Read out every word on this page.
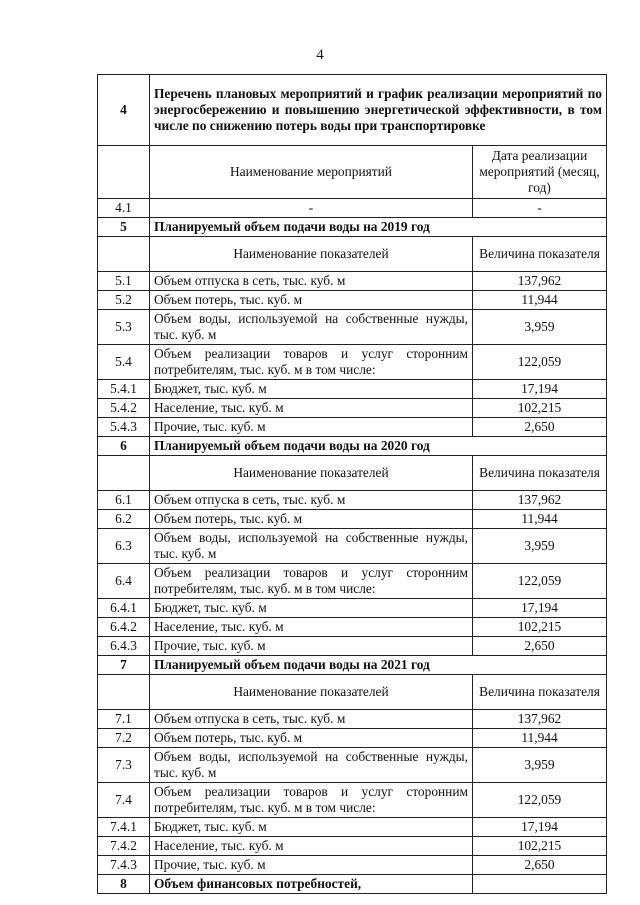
4
4	Перечень плановых мероприятий и график реализации мероприятий по энергосбережению и повышению энергетической эффективности, в том числе по снижению потерь воды при транспортировке	
	Наименование мероприятий	Дата реализации мероприятий (месяц, год)
4.1	-	-
5	Планируемый объем подачи воды на 2019 год	
	Наименование показателей	Величина показателя
5.1	Объем отпуска в сеть, тыс. куб. м	137,962
5.2	Объем потерь, тыс. куб. м	11,944
5.3	Объем воды, используемой на собственные нужды, тыс. куб. м	3,959
5.4	Объем реализации товаров и услуг сторонним потребителям, тыс. куб. м в том числе:	122,059
5.4.1	Бюджет, тыс. куб. м	17,194
5.4.2	Население, тыс. куб. м	102,215
5.4.3	Прочие, тыс. куб. м	2,650
6	Планируемый объем подачи воды на 2020 год	
	Наименование показателей	Величина показателя
6.1	Объем отпуска в сеть, тыс. куб. м	137,962
6.2	Объем потерь, тыс. куб. м	11,944
6.3	Объем воды, используемой на собственные нужды, тыс. куб. м	3,959
6.4	Объем реализации товаров и услуг сторонним потребителям, тыс. куб. м в том числе:	122,059
6.4.1	Бюджет, тыс. куб. м	17,194
6.4.2	Население, тыс. куб. м	102,215
6.4.3	Прочие, тыс. куб. м	2,650
7	Планируемый объем подачи воды на 2021 год	
	Наименование показателей	Величина показателя
7.1	Объем отпуска в сеть, тыс. куб. м	137,962
7.2	Объем потерь, тыс. куб. м	11,944
7.3	Объем воды, используемой на собственные нужды, тыс. куб. м	3,959
7.4	Объем реализации товаров и услуг сторонним потребителям, тыс. куб. м в том числе:	122,059
7.4.1	Бюджет, тыс. куб. м	17,194
7.4.2	Население, тыс. куб. м	102,215
7.4.3	Прочие, тыс. куб. м	2,650
8	Объем финансовых потребностей,	
